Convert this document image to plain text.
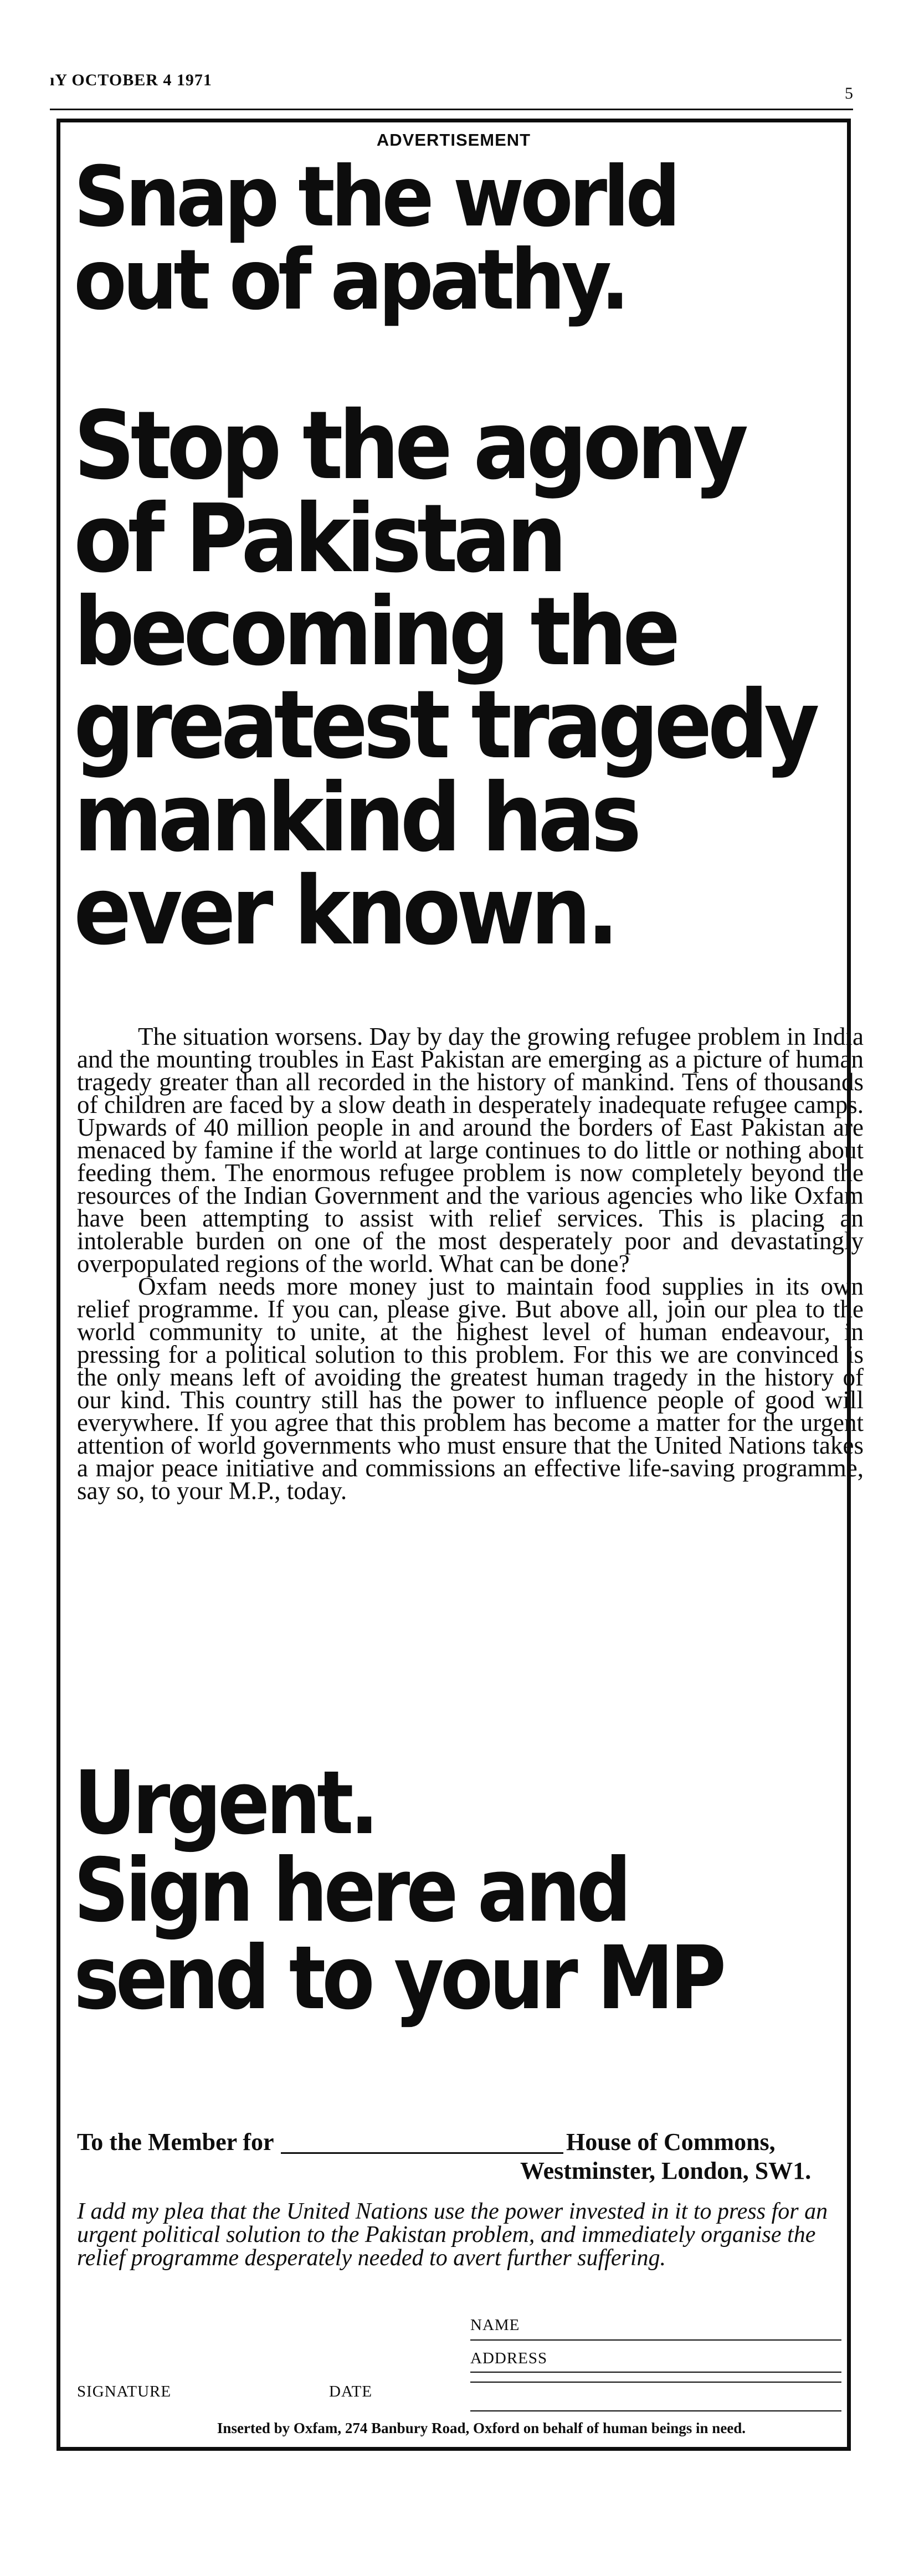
ıY OCTOBER 4 1971
5
ADVERTISEMENT
Snap the world
out of apathy.
Stop the agony
of Pakistan
becoming the
greatest tragedy
mankind has
ever known.

The situation worsens. Day by day the growing refugee problem in India and the mounting troubles in East Pakistan are emerging as a picture of human tragedy greater than all recorded in the history of mankind. Tens of thousands of children are faced by a slow death in desperately inadequate refugee camps. Upwards of 40 million people in and around the borders of East Pakistan are menaced by famine if the world at large continues to do little or nothing about feeding them. The enormous refugee problem is now completely beyond the resources of the Indian Government and the various agencies who like Oxfam have been attempting to assist with relief services. This is placing an intolerable burden on one of the most desperately poor and devastatingly overpopulated regions of the world. What can be done?

Oxfam needs more money just to maintain food supplies in its own relief programme. If you can, please give. But above all, join our plea to the world community to unite, at the highest level of human endeavour, in pressing for a political solution to this problem. For this we are convinced is the only means left of avoiding the greatest human tragedy in the history of our kind. This country still has the power to influence people of good will everywhere. If you agree that this problem has become a matter for the urgent attention of world governments who must ensure that the United Nations takes a major peace initiative and commissions an effective life-saving programme, say so, to your M.P., today.

Urgent.
Sign here and
send to your MP
To the Member for	House of Commons,
Westminster, London, SW1.

I add my plea that the United Nations use the power invested in it to press for an urgent political solution to the Pakistan problem, and immediately organise the relief programme desperately needed to avert further suffering.

NAME
ADDRESS
SIGNATURE	DATE
Inserted by Oxfam, 274 Banbury Road, Oxford on behalf of human beings in need.
